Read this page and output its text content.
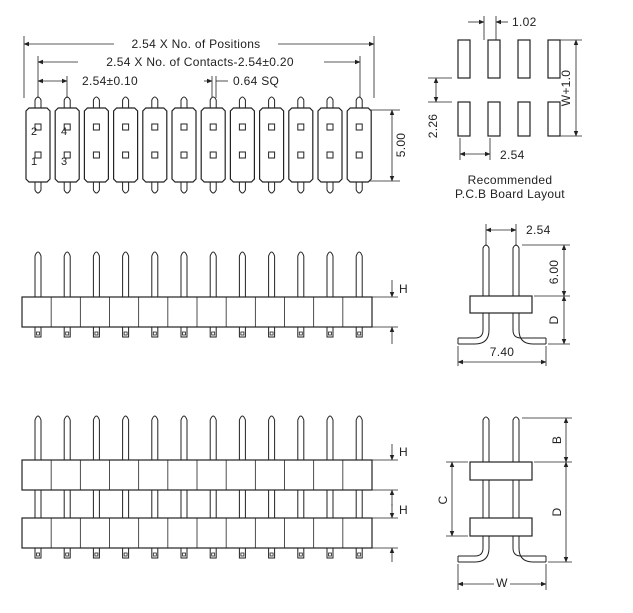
2.54 X No. of Positions
2.54 X No. of Contacts-2.54±0.20
2.54±0.10	0.64 SQ
5.00
2 4
1 3
1.02
W+1.0
2.26
2.54
Recommended
P.C.B Board Layout
H
2.54
6.00
D
7.40
H
H
B
D
C
W
